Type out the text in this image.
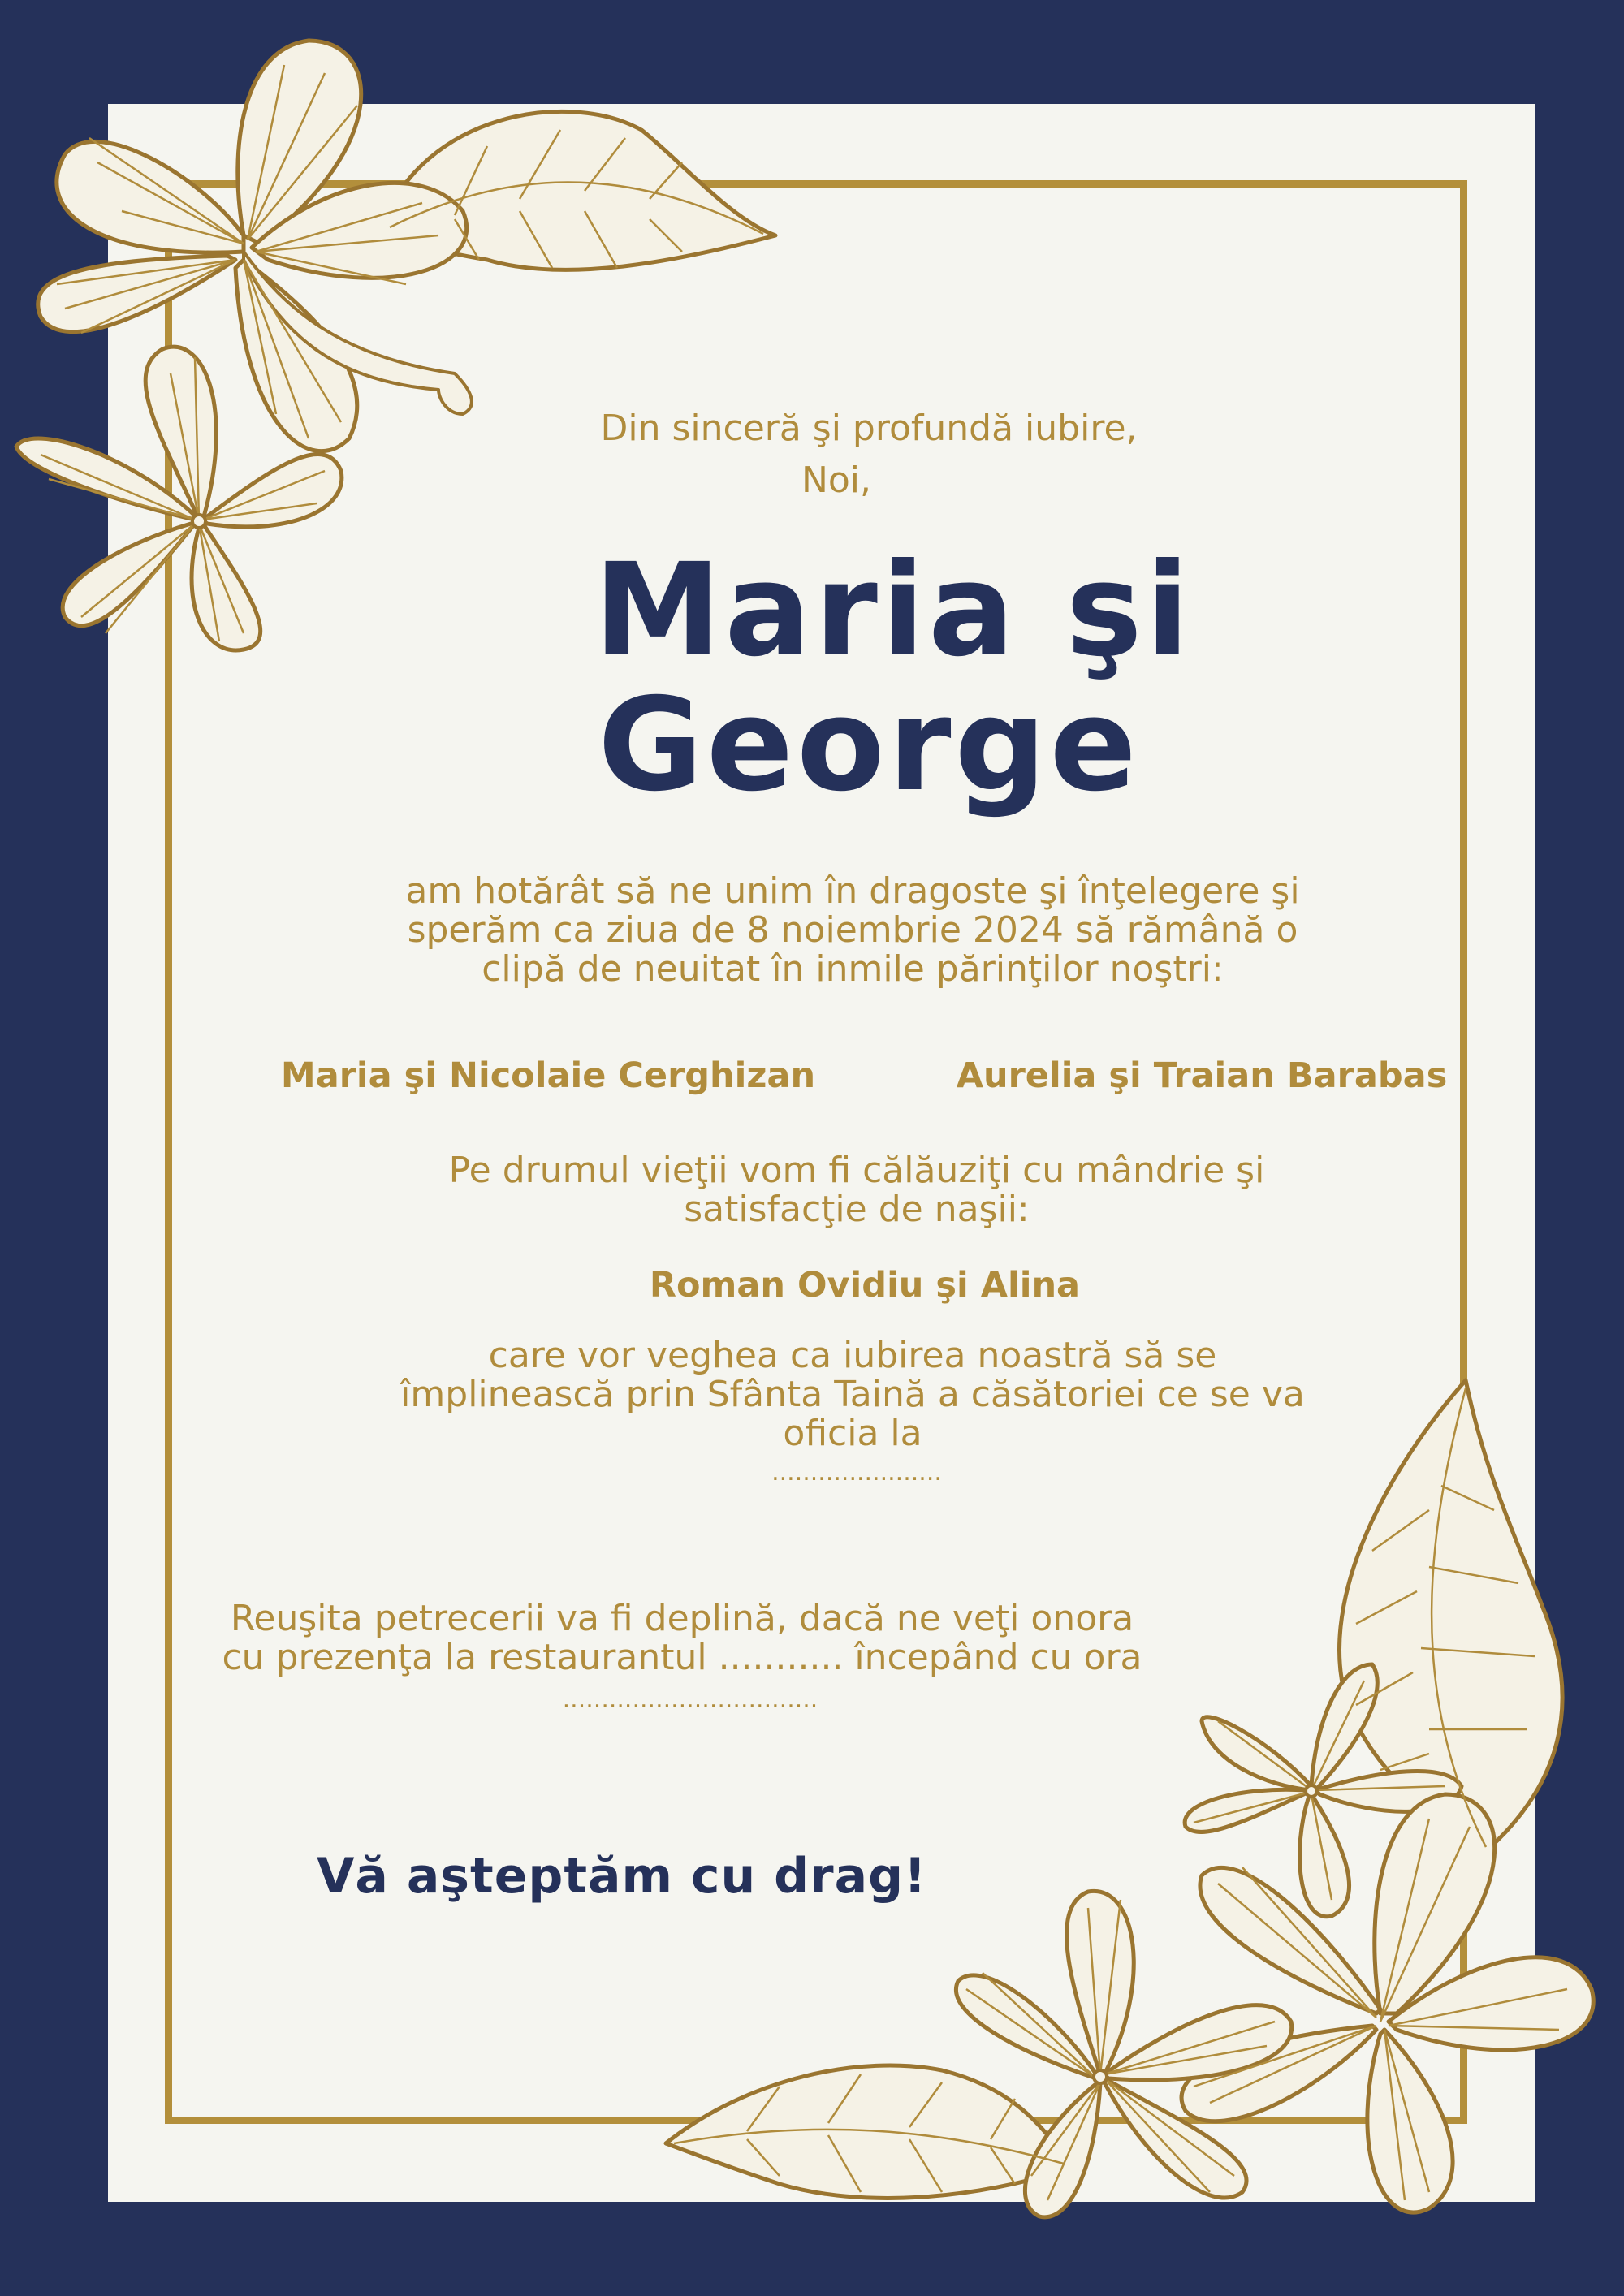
Din sinceră şi profundă iubire,

Noi,

Maria şi
George

am hotărât să ne unim în dragoste şi înţelegere şi

sperăm ca ziua de 8 noiembrie 2024 să rămână o

clipă de neuitat în inmile părinţilor noştri:

Maria şi Nicolaie Cerghizan	Aurelia şi Traian Barabas

Pe drumul vieţii vom fi călăuziţi cu mândrie şi

satisfacţie de naşii:

Roman Ovidiu şi Alina

care vor veghea ca iubirea noastră să se

împlinească prin Sfânta Taină a căsătoriei ce se va

oficia la

......................

Reuşita petrecerii va fi deplină, dacă ne veţi onora

cu prezenţa la restaurantul ........... începând cu ora

.................................

Vă aşteptăm cu drag!
